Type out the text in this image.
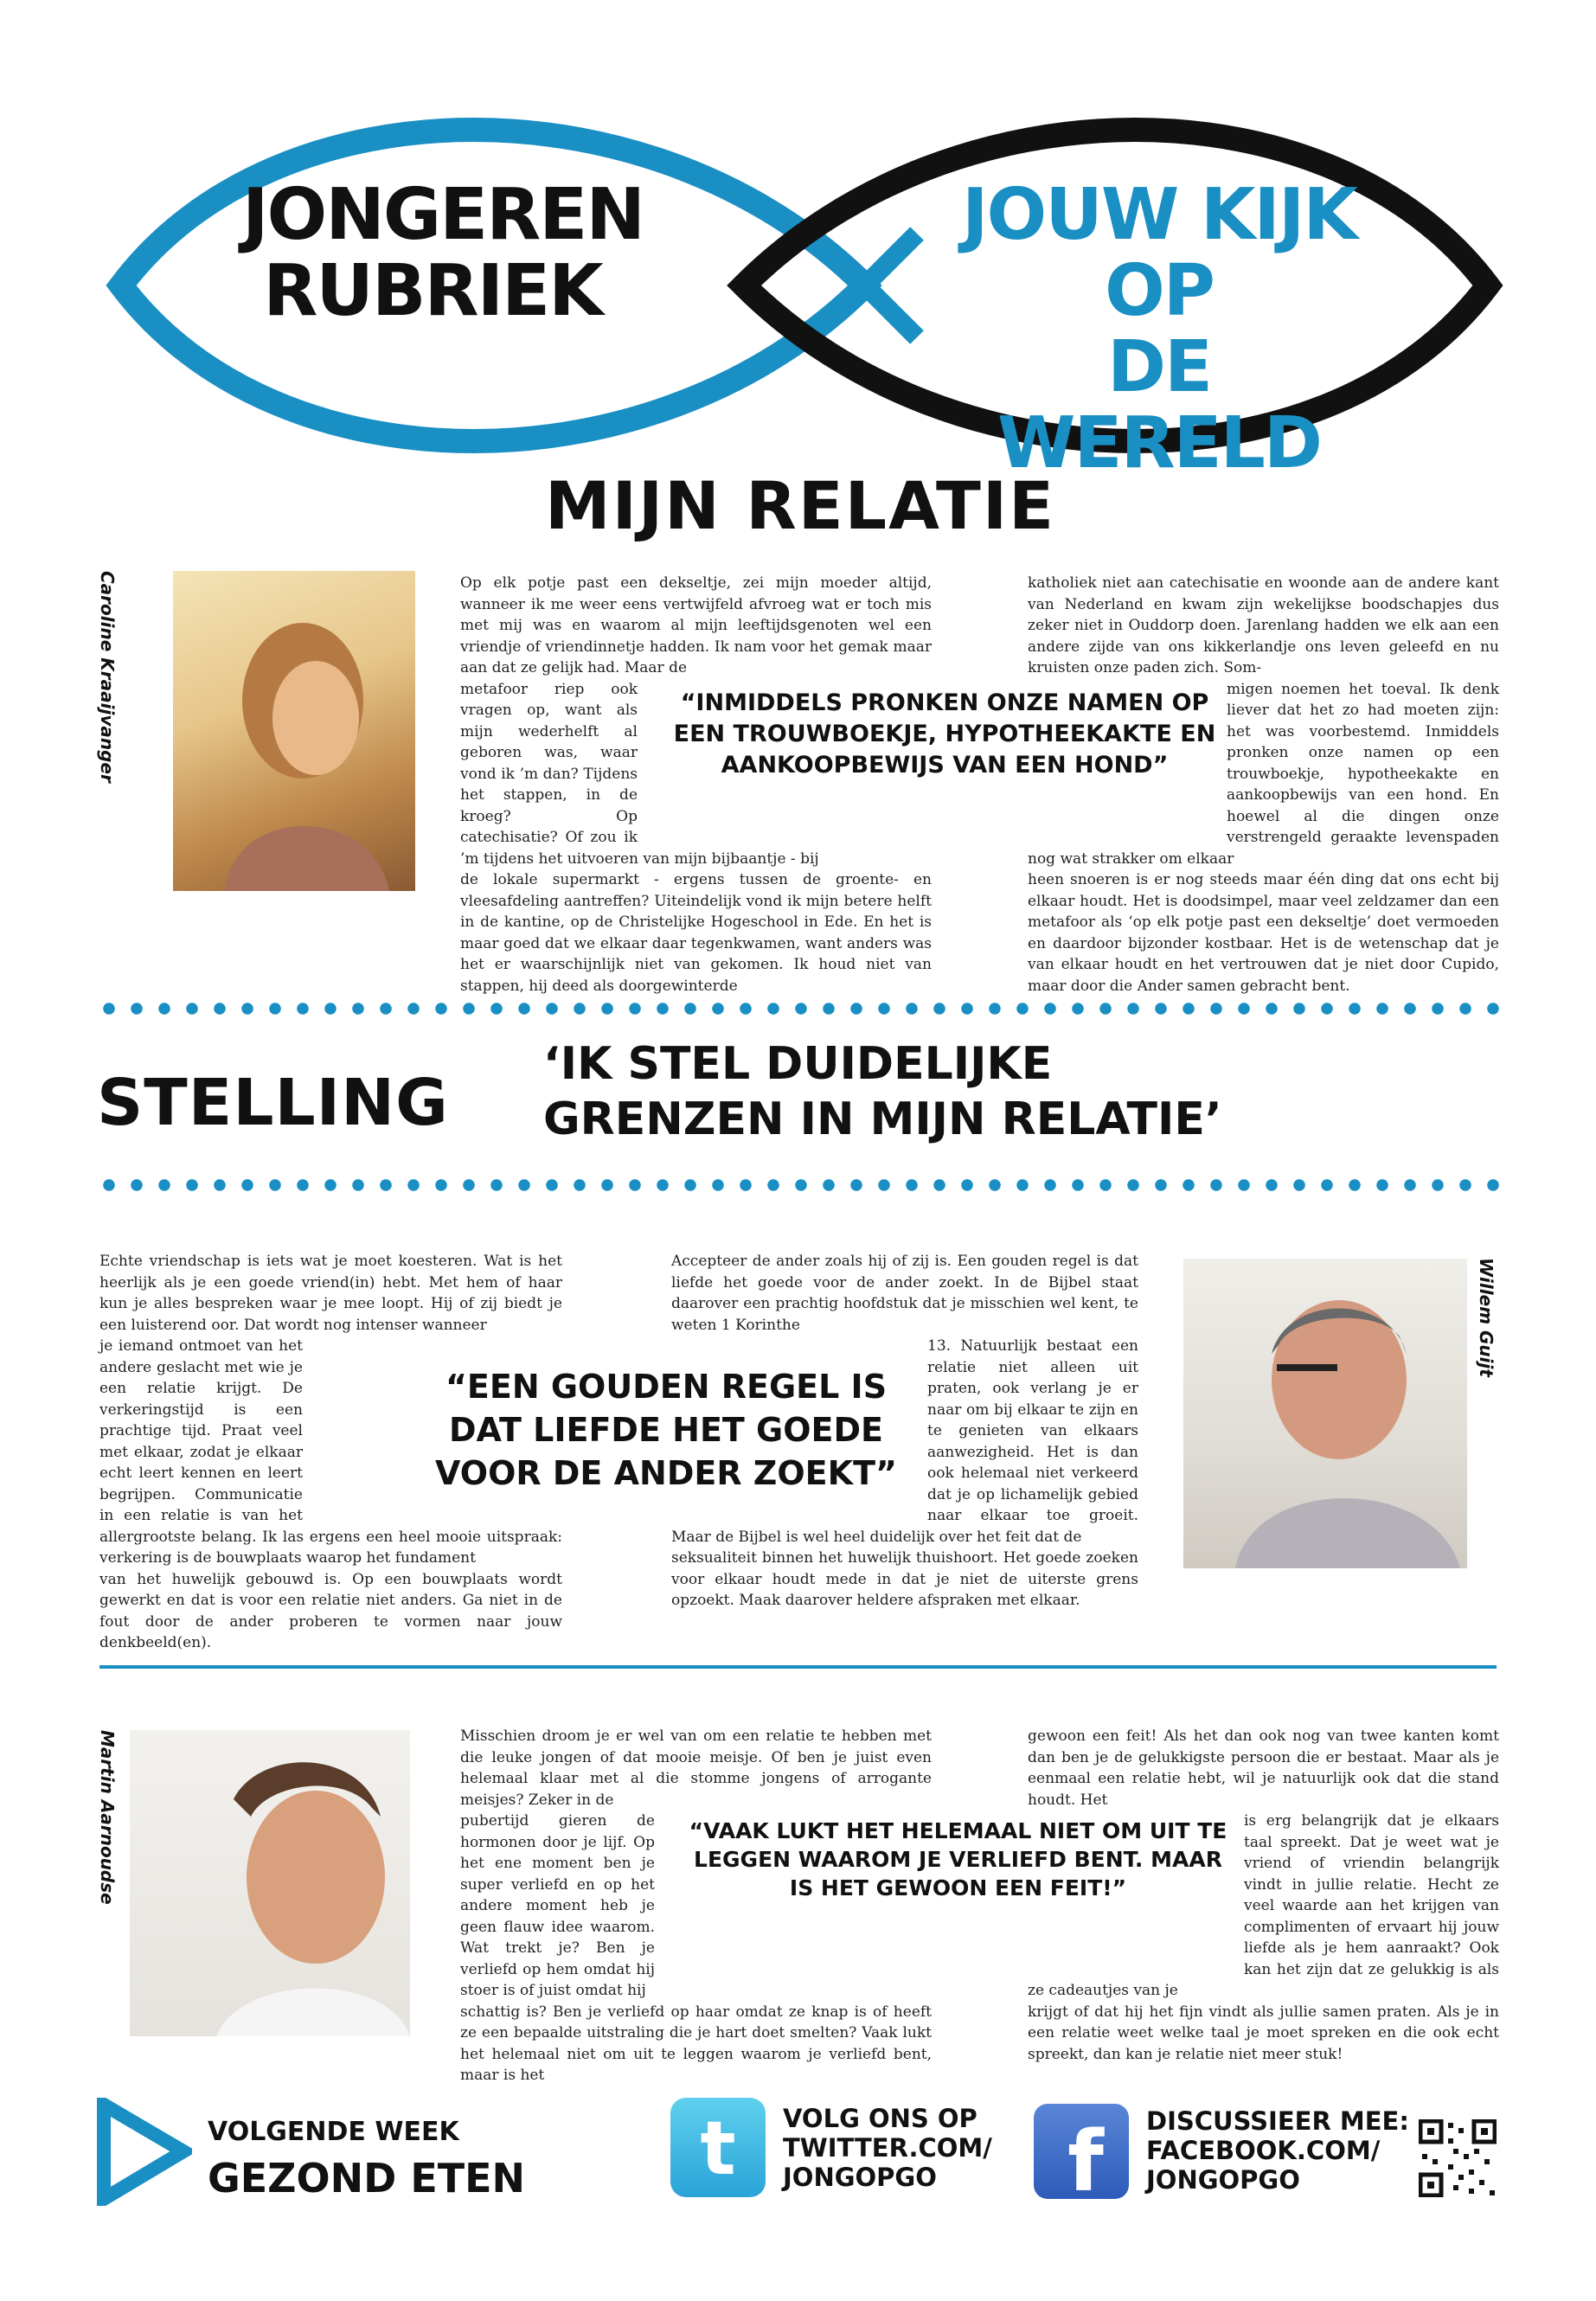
JONGEREN
RUBRIEK
JOUW KIJK OP
DE WERELD
MIJN RELATIE
Caroline Kraaijvanger	Op elk potje past een dekseltje, zei mijn moeder altijd, wanneer ik me weer eens vertwijfeld afvroeg wat er toch mis met mij was en waarom al mijn leeftijdsgenoten wel een vriendje of vriendinnetje hadden. Ik nam voor het gemak maar aan dat ze gelijk had. Maar de
metafoor riep ook vragen op, want als mijn wederhelft al geboren was, waar vond ik ’m dan? Tijdens het stappen, in de kroeg? Op catechisatie? Of zou ik ’m tijdens het uitvoeren van mijn bijbaantje - bij
de lokale supermarkt - ergens tussen de groente- en vleesafdeling aantreffen? Uiteindelijk vond ik mijn betere helft in de kantine, op de Christelijke Hogeschool in Ede. En het is maar goed dat we elkaar daar tegenkwamen, want anders was het er waarschijnlijk niet van gekomen. Ik houd niet van stappen, hij deed als doorgewinterde
katholiek niet aan catechisatie en woonde aan de andere kant van Nederland en kwam zijn wekelijkse boodschapjes dus zeker niet in Ouddorp doen. Jarenlang hadden we elk aan een andere zijde van ons kikkerlandje ons leven geleefd en nu kruisten onze paden zich. Som-
migen noemen het toeval. Ik denk liever dat het zo had moeten zijn: het was voorbestemd. Inmiddels pronken onze namen op een trouwboekje, hypotheekakte en aankoopbewijs van een hond. En hoewel al die dingen onze verstrengeld geraakte levenspaden nog wat strakker om elkaar
heen snoeren is er nog steeds maar één ding dat ons echt bij elkaar houdt. Het is doodsimpel, maar veel zeldzamer dan een metafoor als ‘op elk potje past een dekseltje’ doet vermoeden en daardoor bijzonder kostbaar. Het is de wetenschap dat je van elkaar houdt en het vertrouwen dat je niet door Cupido, maar door die Ander samen gebracht bent.
“INMIDDELS PRONKEN ONZE NAMEN OP EEN TROUWBOEKJE, HYPOTHEEKAKTE EN AANKOOPBEWIJS VAN EEN HOND”
STELLING
‘IK STEL DUIDELIJKE
GRENZEN IN MIJN RELATIE’
Echte vriendschap is iets wat je moet koesteren. Wat is het heerlijk als je een goede vriend(in) hebt. Met hem of haar kun je alles bespreken waar je mee loopt. Hij of zij biedt je een luisterend oor. Dat wordt nog intenser wanneer
je iemand ontmoet van het andere geslacht met wie je een relatie krijgt. De verkeringstijd is een prachtige tijd. Praat veel met elkaar, zodat je elkaar echt leert kennen en leert begrijpen. Communicatie in een relatie is van het allergrootste belang. Ik las ergens een heel mooie uitspraak: verkering is de bouwplaats waarop het fundament
van het huwelijk gebouwd is. Op een bouwplaats wordt gewerkt en dat is voor een relatie niet anders. Ga niet in de fout door de ander proberen te vormen naar jouw denkbeeld(en).
Accepteer de ander zoals hij of zij is. Een gouden regel is dat liefde het goede voor de ander zoekt. In de Bijbel staat daarover een prachtig hoofdstuk dat je misschien wel kent, te weten 1 Korinthe
13. Natuurlijk bestaat een relatie niet alleen uit praten, ook verlang je er naar om bij elkaar te zijn en te genieten van elkaars aanwezigheid. Het is dan ook helemaal niet verkeerd dat je op lichamelijk gebied naar elkaar toe groeit. Maar de Bijbel is wel heel duidelijk over het feit dat de
seksualiteit binnen het huwelijk thuishoort. Het goede zoeken voor elkaar houdt mede in dat je niet de uiterste grens opzoekt. Maak daarover heldere afspraken met elkaar.
“EEN GOUDEN REGEL IS DAT LIEFDE HET GOEDE VOOR DE ANDER ZOEKT”
Willem Guijt
Martin Aarnoudse	Misschien droom je er wel van om een relatie te hebben met die leuke jongen of dat mooie meisje. Of ben je juist even helemaal klaar met al die stomme jongens of arrogante meisjes? Zeker in de
pubertijd gieren de hormonen door je lijf. Op het ene moment ben je super verliefd en op het andere moment heb je geen flauw idee waarom. Wat trekt je? Ben je verliefd op hem omdat hij stoer is of juist omdat hij
schattig is? Ben je verliefd op haar omdat ze knap is of heeft ze een bepaalde uitstraling die je hart doet smelten? Vaak lukt het helemaal niet om uit te leggen waarom je verliefd bent, maar is het
gewoon een feit! Als het dan ook nog van twee kanten komt dan ben je de gelukkigste persoon die er bestaat. Maar als je eenmaal een relatie hebt, wil je natuurlijk ook dat die stand houdt. Het
is erg belangrijk dat je elkaars taal spreekt. Dat je weet wat je vriend of vriendin belangrijk vindt in jullie relatie. Hecht ze veel waarde aan het krijgen van complimenten of ervaart hij jouw liefde als je hem aanraakt? Ook kan het zijn dat ze gelukkig is als ze cadeautjes van je
krijgt of dat hij het fijn vindt als jullie samen praten. Als je in een relatie weet welke taal je moet spreken en die ook echt spreekt, dan kan je relatie niet meer stuk!
“VAAK LUKT HET HELEMAAL NIET OM UIT TE LEGGEN WAAROM JE VERLIEFD BENT. MAAR IS HET GEWOON EEN FEIT!”
VOLGENDE WEEK
GEZOND ETEN t VOLG ONS OP
TWITTER.COM/
JONGOPGO	f DISCUSSIEER MEE:
FACEBOOK.COM/
JONGOPGO
